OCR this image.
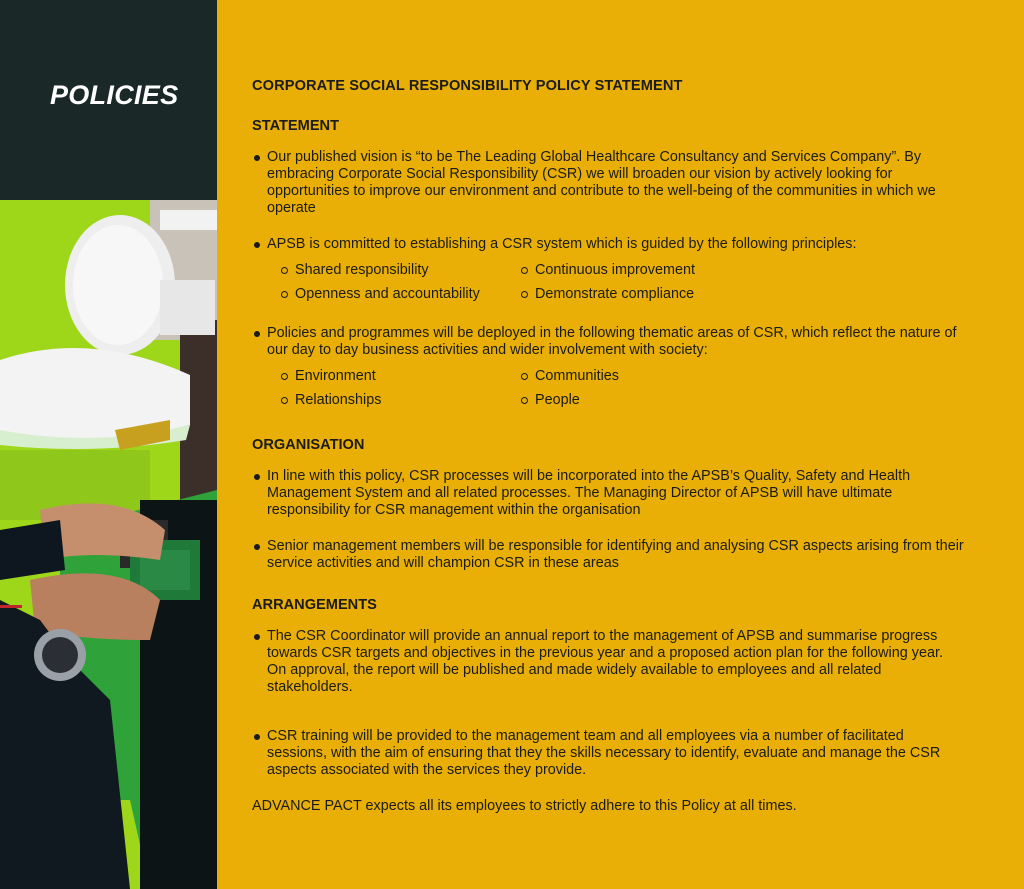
POLICIES	CORPORATE SOCIAL RESPONSIBILITY POLICY STATEMENT
STATEMENT
Our published vision is “to be The Leading Global Healthcare Consultancy and Services Company”. By embracing Corporate Social Responsibility (CSR) we will broaden our vision by actively looking for opportunities to improve our environment and contribute to the well-being of the communities in which we operate
APSB is committed to establishing a CSR system which is guided by the following principles:
Shared responsibility	Continuous improvement
Openness and accountability	Demonstrate compliance
Policies and programmes will be deployed in the following thematic areas of CSR, which reflect the nature of our day to day business activities and wider involvement with society:
Environment	Communities
Relationships	People
ORGANISATION
In line with this policy, CSR processes will be incorporated into the APSB’s Quality, Safety and Health Management System and all related processes. The Managing Director of APSB will have ultimate responsibility for CSR management within the organisation
Senior management members will be responsible for identifying and analysing CSR aspects arising from their service activities and will champion CSR in these areas
ARRANGEMENTS
The CSR Coordinator will provide an annual report to the management of APSB and summarise progress towards CSR targets and objectives in the previous year and a proposed action plan for the following year. On approval, the report will be published and made widely available to employees and all related stakeholders.
CSR training will be provided to the management team and all employees via a number of facilitated sessions, with the aim of ensuring that they the skills necessary to identify, evaluate and manage the CSR aspects associated with the services they provide.
ADVANCE PACT expects all its employees to strictly adhere to this Policy at all times.
